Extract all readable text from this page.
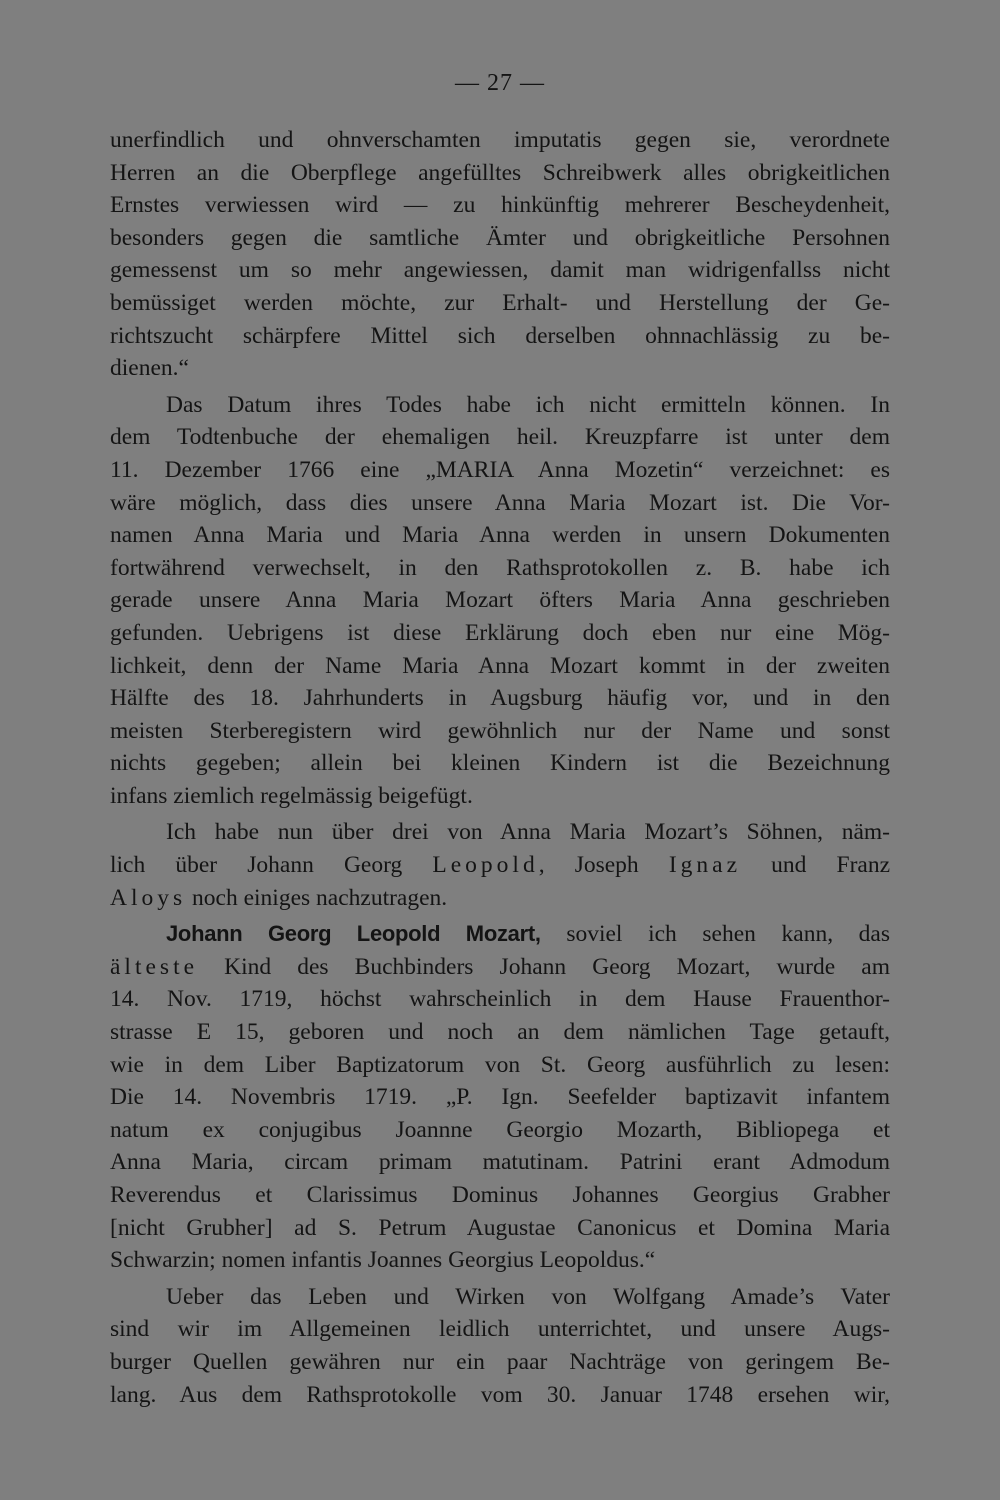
— 27 —
unerfindlich und ohnverschamten imputatis gegen sie, verordnete
Herren an die Oberpflege angefülltes Schreibwerk alles obrigkeitlichen
Ernstes verwiessen wird — zu hinkünftig mehrerer Bescheydenheit,
besonders gegen die samtliche Ämter und obrigkeitliche Persohnen
gemessenst um so mehr angewiessen, damit man widrigenfallss nicht
bemüssiget werden möchte, zur Erhalt- und Herstellung der Ge-
richtszucht schärpfere Mittel sich derselben ohnnachlässig zu be-
dienen.“
Das Datum ihres Todes habe ich nicht ermitteln können. In
dem Todtenbuche der ehemaligen heil. Kreuzpfarre ist unter dem
11. Dezember 1766 eine „MARIA Anna Mozetin“ verzeichnet: es
wäre möglich, dass dies unsere Anna Maria Mozart ist. Die Vor-
namen Anna Maria und Maria Anna werden in unsern Dokumenten
fortwährend verwechselt, in den Rathsprotokollen z. B. habe ich
gerade unsere Anna Maria Mozart öfters Maria Anna geschrieben
gefunden. Uebrigens ist diese Erklärung doch eben nur eine Mög-
lichkeit, denn der Name Maria Anna Mozart kommt in der zweiten
Hälfte des 18. Jahrhunderts in Augsburg häufig vor, und in den
meisten Sterberegistern wird gewöhnlich nur der Name und sonst
nichts gegeben; allein bei kleinen Kindern ist die Bezeichnung
infans ziemlich regelmässig beigefügt.
Ich habe nun über drei von Anna Maria Mozart’s Söhnen, näm-
lich über Johann Georg Leopold, Joseph Ignaz und Franz
Aloys noch einiges nachzutragen.
Johann Georg Leopold Mozart, soviel ich sehen kann, das
älteste Kind des Buchbinders Johann Georg Mozart, wurde am
14. Nov. 1719, höchst wahrscheinlich in dem Hause Frauenthor-
strasse E 15, geboren und noch an dem nämlichen Tage getauft,
wie in dem Liber Baptizatorum von St. Georg ausführlich zu lesen:
Die 14. Novembris 1719. „P. Ign. Seefelder baptizavit infantem
natum ex conjugibus Joannne Georgio Mozarth, Bibliopega et
Anna Maria, circam primam matutinam. Patrini erant Admodum
Reverendus et Clarissimus Dominus Johannes Georgius Grabher
[nicht Grubher] ad S. Petrum Augustae Canonicus et Domina Maria
Schwarzin; nomen infantis Joannes Georgius Leopoldus.“
Ueber das Leben und Wirken von Wolfgang Amade’s Vater
sind wir im Allgemeinen leidlich unterrichtet, und unsere Augs-
burger Quellen gewähren nur ein paar Nachträge von geringem Be-
lang. Aus dem Rathsprotokolle vom 30. Januar 1748 ersehen wir,
